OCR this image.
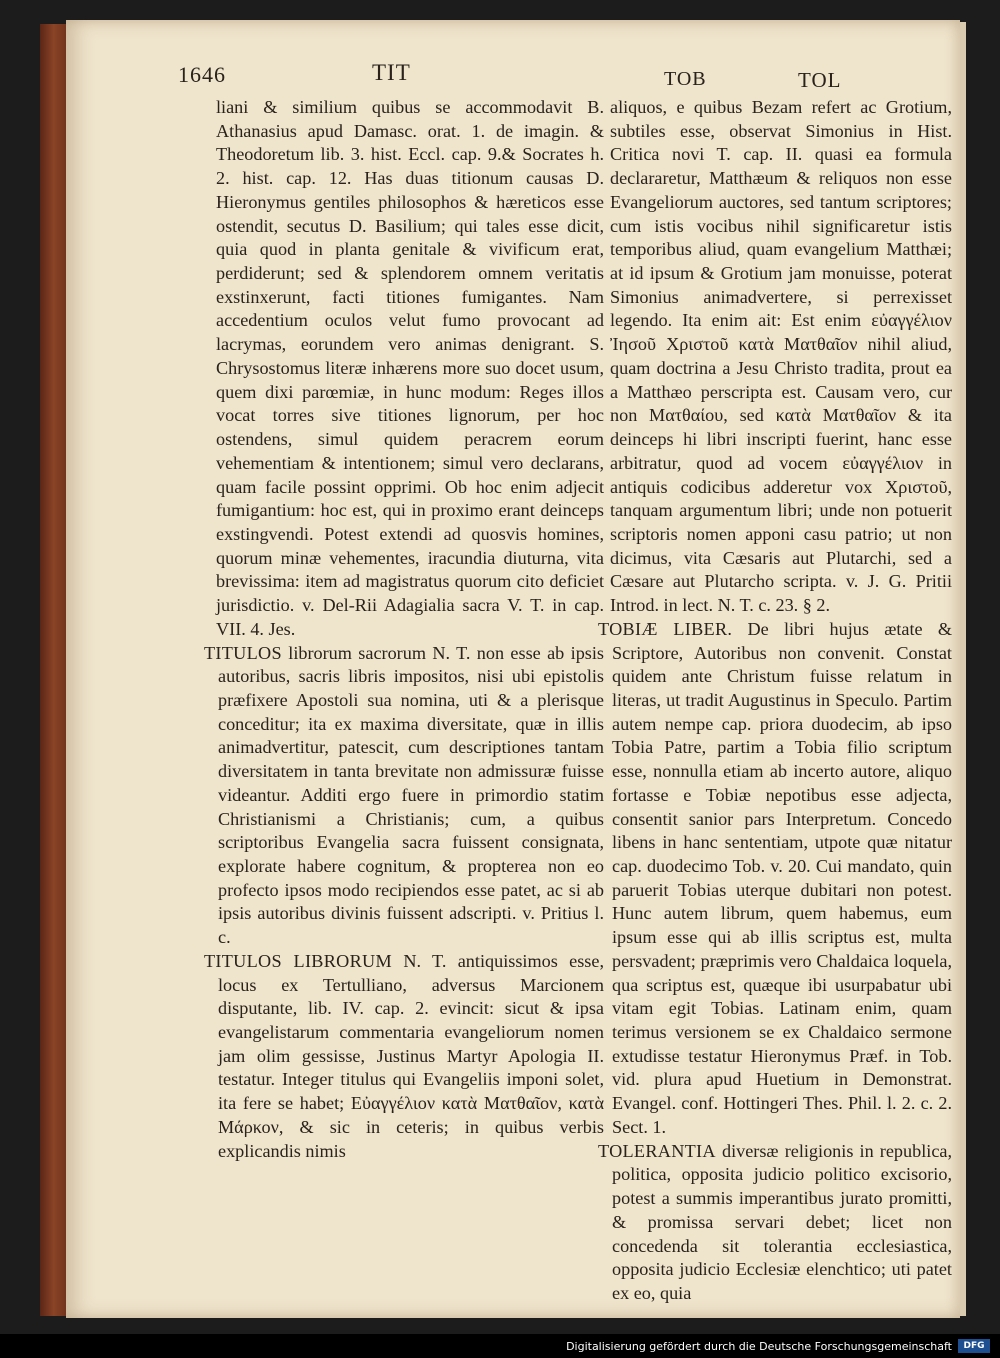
1646	TIT	TOB	TOL

liani & similium quibus se accommodavit B. Athanasius apud Damasc. orat. 1. de imagin. & Theodoretum lib. 3. hist. Eccl. cap. 9.& Socrates h. 2. hist. cap. 12. Has duas titionum causas D. Hieronymus gentiles philosophos & hæreticos esse ostendit, secutus D. Basilium; qui tales esse dicit, quia quod in planta genitale & vivificum erat, perdiderunt; sed & splendorem omnem veritatis exstinxerunt, facti titiones fumigantes. Nam accedentium oculos velut fumo provocant ad lacrymas, eorundem vero animas denigrant. S. Chrysostomus literæ inhærens more suo docet usum, quem dixi parœmiæ, in hunc modum: Reges illos vocat torres sive titiones lignorum, per hoc ostendens, simul quidem peracrem eorum vehementiam & intentionem; simul vero declarans, quam facile possint opprimi. Ob hoc enim adjecit fumigantium: hoc est, qui in proximo erant deinceps exstingvendi. Potest extendi ad quosvis homines, quorum minæ vehementes, iracundia diuturna, vita brevissima: item ad magistratus quorum cito deficiet jurisdictio. v. Del-Rii Adagialia sacra V. T. in cap. VII. 4. Jes.

TITULOS librorum sacrorum N. T. non esse ab ipsis autoribus, sacris libris impositos, nisi ubi epistolis præfixere Apostoli sua nomina, uti & a plerisque conceditur; ita ex maxima diversitate, quæ in illis animadvertitur, patescit, cum descriptiones tantam diversitatem in tanta brevitate non admissuræ fuisse videantur. Additi ergo fuere in primordio statim Christianismi a Christianis; cum, a quibus scriptoribus Evangelia sacra fuissent consignata, explorate habere cognitum, & propterea non eo profecto ipsos modo recipiendos esse patet, ac si ab ipsis autoribus divinis fuissent adscripti. v. Pritius l. c.

TITULOS LIBRORUM N. T. antiquissimos esse, locus ex Tertulliano, adversus Marcionem disputante, lib. IV. cap. 2. evincit: sicut & ipsa evangelistarum commentaria evangeliorum nomen jam olim gessisse, Justinus Martyr Apologia II. testatur. Integer titulus qui Evangeliis imponi solet, ita fere se habet; Εὐαγγέλιον κατὰ Ματθαῖον, κατὰ Μάρκον, & sic in ceteris; in quibus verbis explicandis nimis

aliquos, e quibus Bezam refert ac Grotium, subtiles esse, observat Simonius in Hist. Critica novi T. cap. II. quasi ea formula declararetur, Matthæum & reliquos non esse Evangeliorum auctores, sed tantum scriptores; cum istis vocibus nihil significaretur istis temporibus aliud, quam evangelium Matthæi; at id ipsum & Grotium jam monuisse, poterat Simonius animadvertere, si perrexisset legendo. Ita enim ait: Est enim εὐαγγέλιον Ἰησοῦ Χριστοῦ κατὰ Ματθαῖον nihil aliud, quam doctrina a Jesu Christo tradita, prout ea a Matthæo perscripta est. Causam vero, cur non Ματθαίου, sed κατὰ Ματθαῖον & ita deinceps hi libri inscripti fuerint, hanc esse arbitratur, quod ad vocem εὐαγγέλιον in antiquis codicibus adderetur vox Χριστοῦ, tanquam argumentum libri; unde non potuerit scriptoris nomen apponi casu patrio; ut non dicimus, vita Cæsaris aut Plutarchi, sed a Cæsare aut Plutarcho scripta. v. J. G. Pritii Introd. in lect. N. T. c. 23. § 2.

TOBIÆ LIBER. De libri hujus ætate & Scriptore, Autoribus non convenit. Constat quidem ante Christum fuisse relatum in literas, ut tradit Augustinus in Speculo. Partim autem nempe cap. priora duodecim, ab ipso Tobia Patre, partim a Tobia filio scriptum esse, nonnulla etiam ab incerto autore, aliquo fortasse e Tobiæ nepotibus esse adjecta, consentit sanior pars Interpretum. Concedo libens in hanc sententiam, utpote quæ nitatur cap. duodecimo Tob. v. 20. Cui mandato, quin paruerit Tobias uterque dubitari non potest. Hunc autem librum, quem habemus, eum ipsum esse qui ab illis scriptus est, multa persvadent; præprimis vero Chaldaica loquela, qua scriptus est, quæque ibi usurpabatur ubi vitam egit Tobias. Latinam enim, quam terimus versionem se ex Chaldaico sermone extudisse testatur Hieronymus Præf. in Tob. vid. plura apud Huetium in Demonstrat. Evangel. conf. Hottingeri Thes. Phil. l. 2. c. 2. Sect. 1.

TOLERANTIA diversæ religionis in republica, politica, opposita judicio politico excisorio, potest a summis imperantibus jurato promitti, & promissa servari debet; licet non concedenda sit tolerantia ecclesiastica, opposita judicio Ecclesiæ elenchtico; uti patet ex eo, quia

Digitalisierung gefördert durch die Deutsche Forschungsgemeinschaft	DFG
